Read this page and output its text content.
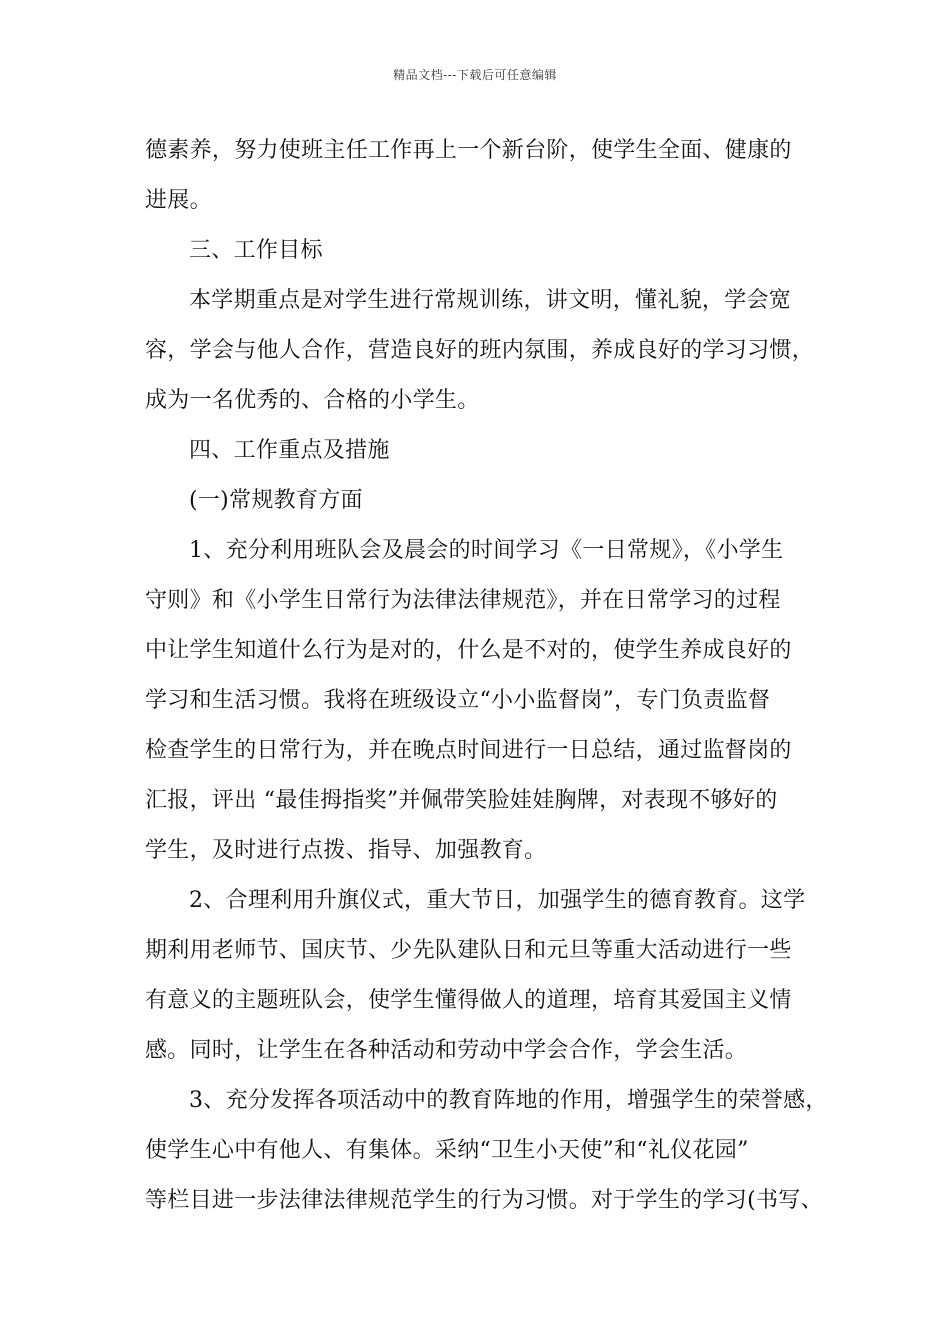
精品文档---下载后可任意编辑
德素养，努力使班主任工作再上一个新台阶，使学生全面、健康的
进展。
三、工作目标
本学期重点是对学生进行常规训练，讲文明，懂礼貌，学会宽
容，学会与他人合作，营造良好的班内氛围，养成良好的学习习惯，
成为一名优秀的、合格的小学生。
四、工作重点及措施
(一)常规教育方面
1、充分利用班队会及晨会的时间学习《一日常规》，《小学生
守则》和《小学生日常行为法律法律规范》，并在日常学习的过程
中让学生知道什么行为是对的，什么是不对的，使学生养成良好的
学习和生活习惯。我将在班级设立“小小监督岗”，专门负责监督
检查学生的日常行为，并在晚点时间进行一日总结，通过监督岗的
汇报，评出 “最佳拇指奖”并佩带笑脸娃娃胸牌，对表现不够好的
学生，及时进行点拨、指导、加强教育。
2、合理利用升旗仪式，重大节日，加强学生的德育教育。这学
期利用老师节、国庆节、少先队建队日和元旦等重大活动进行一些
有意义的主题班队会，使学生懂得做人的道理，培育其爱国主义情
感。同时，让学生在各种活动和劳动中学会合作，学会生活。
3、充分发挥各项活动中的教育阵地的作用，增强学生的荣誉感，
使学生心中有他人、有集体。采纳“卫生小天使”和“礼仪花园”
等栏目进一步法律法律规范学生的行为习惯。对于学生的学习(书写、
